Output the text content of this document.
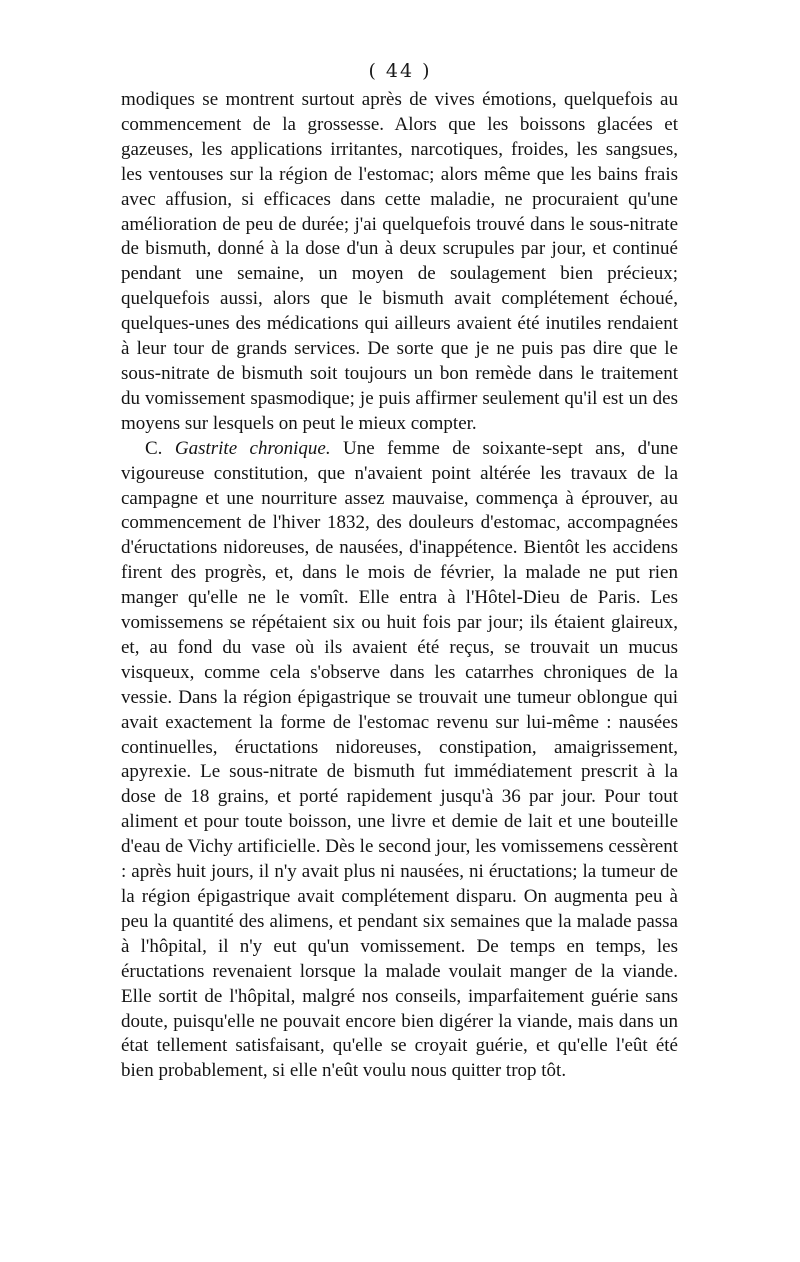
( 44 )

modiques se montrent surtout après de vives émotions, quelquefois au commencement de la grossesse. Alors que les boissons glacées et gazeuses, les applications irritantes, narcotiques, froides, les sangsues, les ventouses sur la région de l'estomac; alors même que les bains frais avec affusion, si efficaces dans cette maladie, ne procuraient qu'une amélioration de peu de durée; j'ai quelquefois trouvé dans le sous-nitrate de bismuth, donné à la dose d'un à deux scrupules par jour, et continué pendant une semaine, un moyen de soulagement bien précieux; quelquefois aussi, alors que le bismuth avait complétement échoué, quelques-unes des médications qui ailleurs avaient été inutiles rendaient à leur tour de grands services. De sorte que je ne puis pas dire que le sous-nitrate de bismuth soit toujours un bon remède dans le traitement du vomissement spasmodique; je puis affirmer seulement qu'il est un des moyens sur lesquels on peut le mieux compter.

C. Gastrite chronique. Une femme de soixante-sept ans, d'une vigoureuse constitution, que n'avaient point altérée les travaux de la campagne et une nourriture assez mauvaise, commença à éprouver, au commencement de l'hiver 1832, des douleurs d'estomac, accompagnées d'éructations nidoreuses, de nausées, d'inappétence. Bientôt les accidens firent des progrès, et, dans le mois de février, la malade ne put rien manger qu'elle ne le vomît. Elle entra à l'Hôtel-Dieu de Paris. Les vomissemens se répétaient six ou huit fois par jour; ils étaient glaireux, et, au fond du vase où ils avaient été reçus, se trouvait un mucus visqueux, comme cela s'observe dans les catarrhes chroniques de la vessie. Dans la région épigastrique se trouvait une tumeur oblongue qui avait exactement la forme de l'estomac revenu sur lui-même : nausées continuelles, éructations nidoreuses, constipation, amaigrissement, apyrexie. Le sous-nitrate de bismuth fut immédiatement prescrit à la dose de 18 grains, et porté rapidement jusqu'à 36 par jour. Pour tout aliment et pour toute boisson, une livre et demie de lait et une bouteille d'eau de Vichy artificielle. Dès le second jour, les vomissemens cessèrent : après huit jours, il n'y avait plus ni nausées, ni éructations; la tumeur de la région épigastrique avait complétement disparu. On augmenta peu à peu la quantité des alimens, et pendant six semaines que la malade passa à l'hôpital, il n'y eut qu'un vomissement. De temps en temps, les éructations revenaient lorsque la malade voulait manger de la viande. Elle sortit de l'hôpital, malgré nos conseils, imparfaitement guérie sans doute, puisqu'elle ne pouvait encore bien digérer la viande, mais dans un état tellement satisfaisant, qu'elle se croyait guérie, et qu'elle l'eût été bien probablement, si elle n'eût voulu nous quitter trop tôt.
